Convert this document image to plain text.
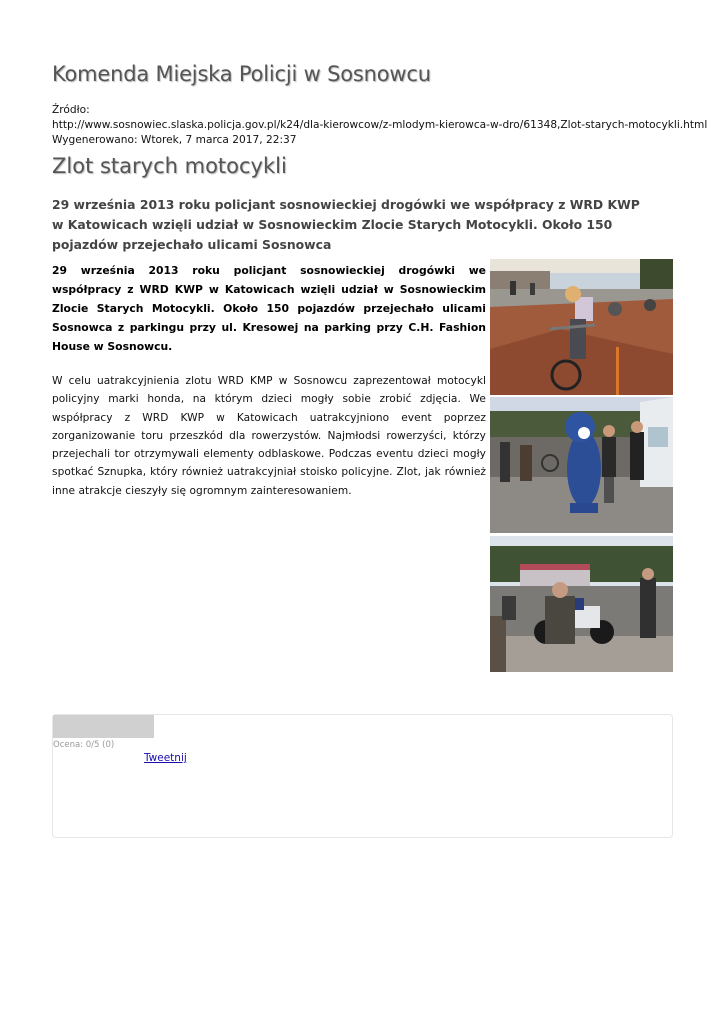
Komenda Miejska Policji w Sosnowcu
Źródło:
http://www.sosnowiec.slaska.policja.gov.pl/k24/dla-kierowcow/z-mlodym-kierowca-w-dro/61348,Zlot-starych-motocykli.html
Wygenerowano: Wtorek, 7 marca 2017, 22:37
Zlot starych motocykli

29 września 2013 roku policjant sosnowieckiej drogówki we współpracy z WRD KWP w Katowicach wzięli udział w Sosnowieckim Zlocie Starych Motocykli. Około 150 pojazdów przejechało ulicami Sosnowca

29 września 2013 roku policjant sosnowieckiej drogówki we współpracy z WRD KWP w Katowicach wzięli udział w Sosnowieckim Zlocie Starych Motocykli. Około 150 pojazdów przejechało ulicami Sosnowca z parkingu przy ul. Kresowej na parking przy C.H. Fashion House w Sosnowcu.

W celu uatrakcyjnienia zlotu WRD KMP w Sosnowcu zaprezentował motocykl policyjny marki honda, na którym dzieci mogły sobie zrobić zdjęcia. We współpracy z WRD KWP w Katowicach uatrakcyjniono event poprzez zorganizowanie toru przeszkód dla rowerzystów. Najmłodsi rowerzyści, którzy przejechali tor otrzymywali elementy odblaskowe. Podczas eventu dzieci mogły spotkać Sznupka, który również uatrakcyjniał stoisko policyjne. Zlot, jak również inne atrakcje cieszyły się ogromnym zainteresowaniem.

Ocena: 0/5 (0)
Tweetnij
